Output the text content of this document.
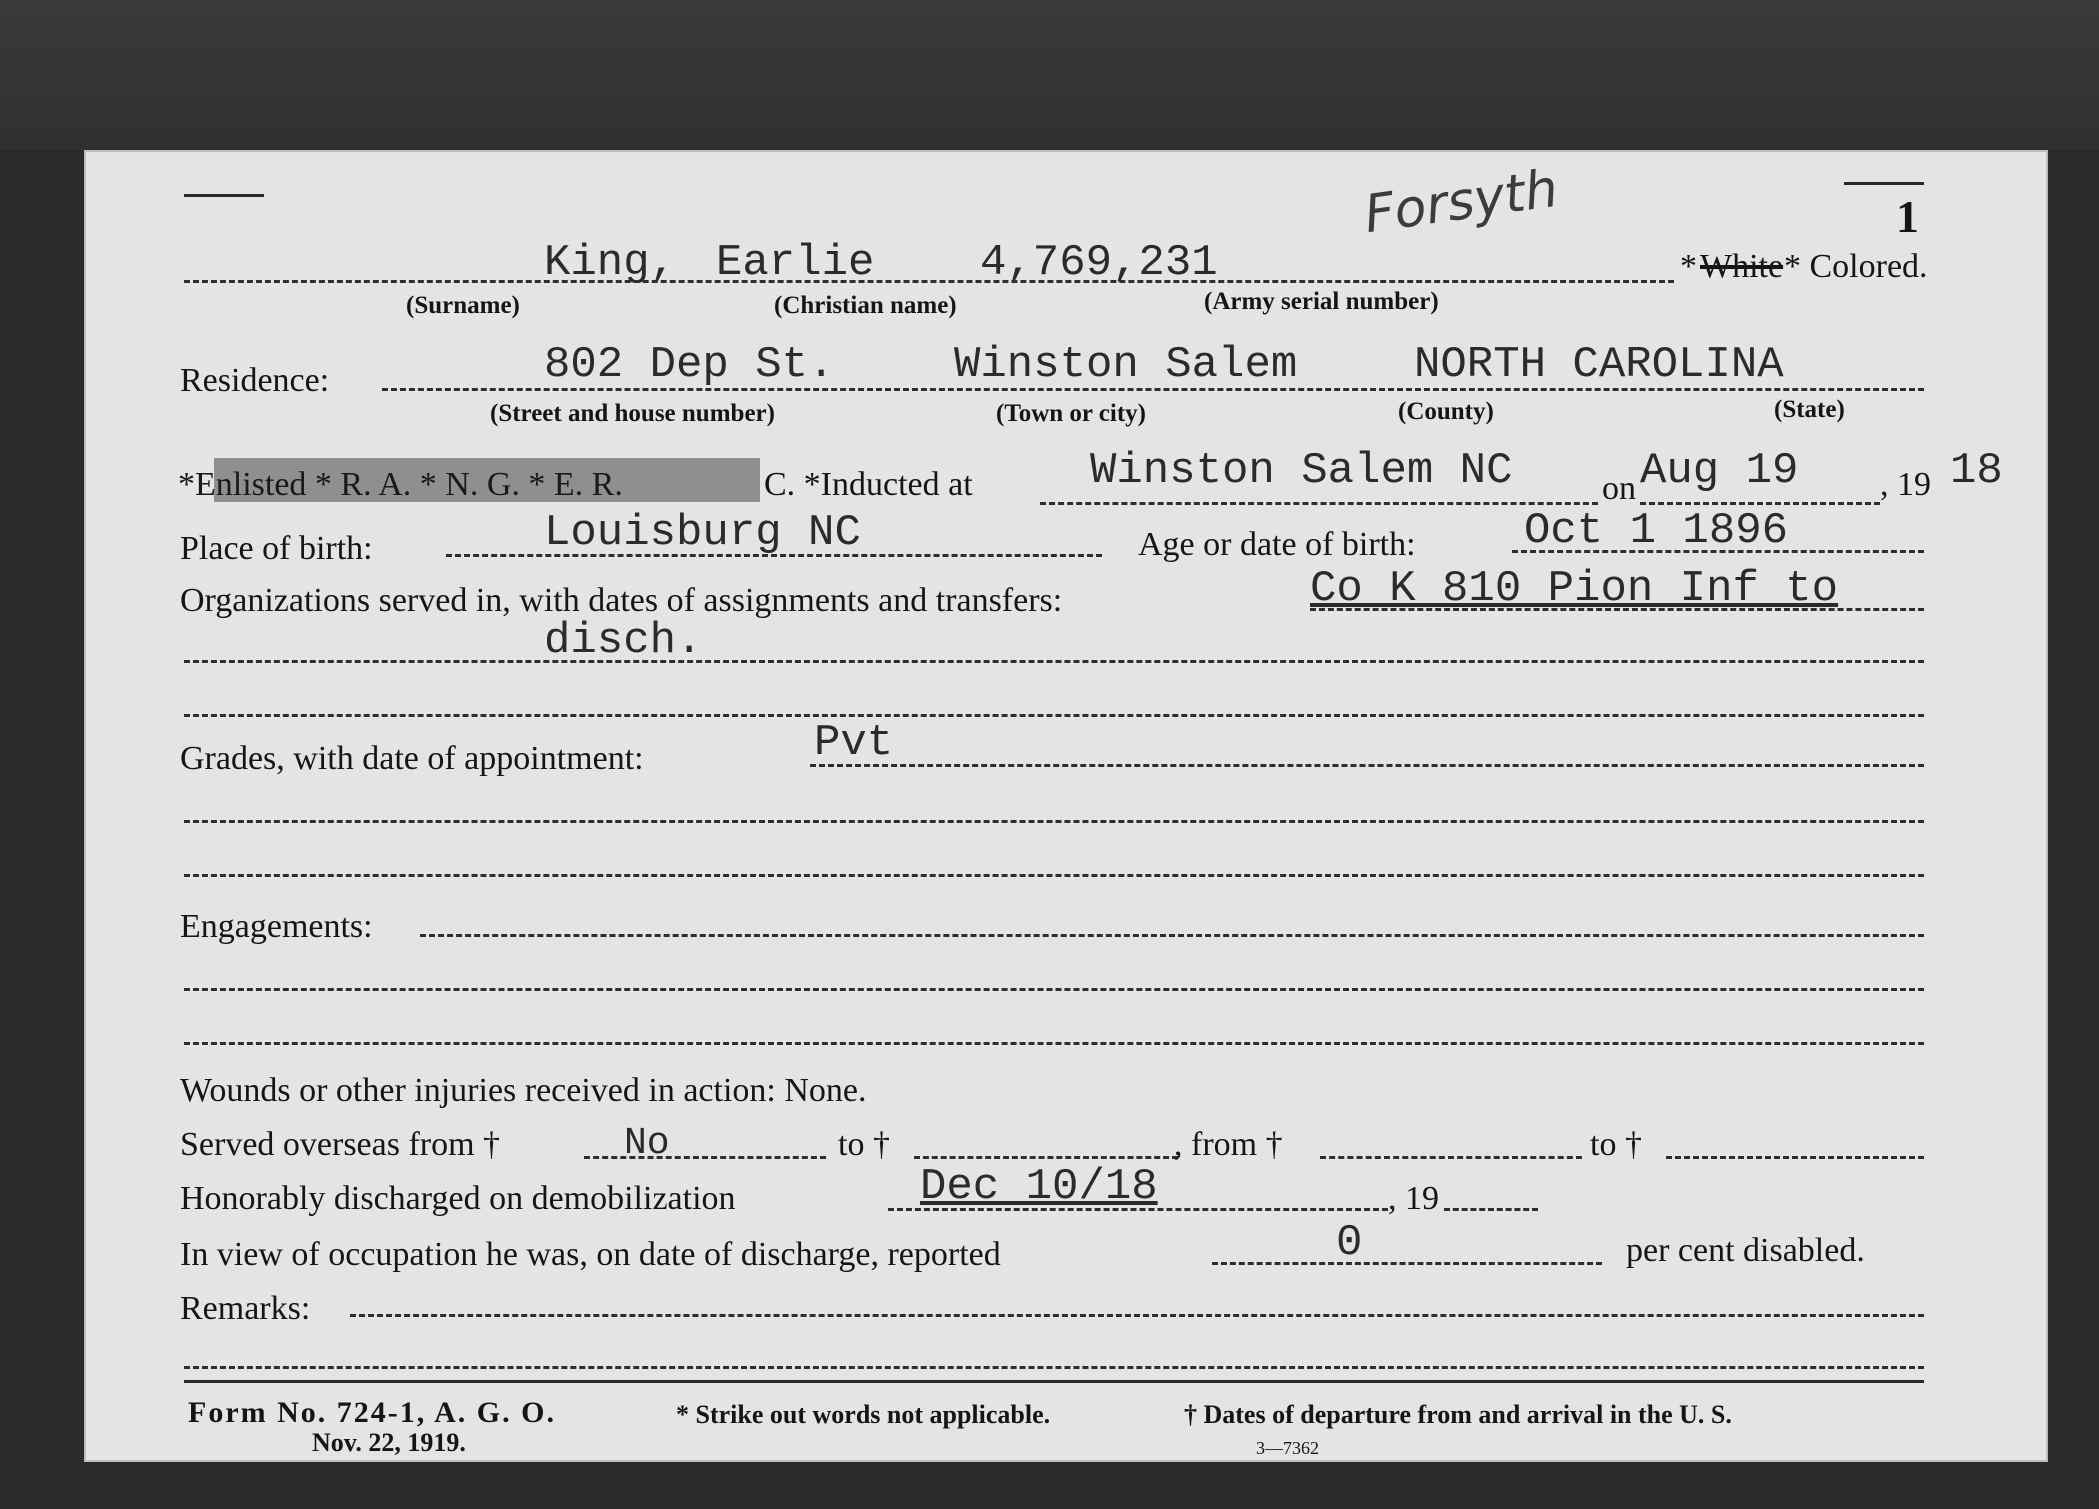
1
Forsyth
King, Earlie 4,769,231	* White * Colored.
(Surname)	(Christian name)	(Army serial number)
Residence:	802 Dep St.	Winston Salem	NORTH CAROLINA
(Street and house number)	(Town or city)	(County)	(State)
*Enlisted * R. A. * N. G. * E. R.	C. *Inducted at	Winston Salem NC	on Aug 19 , 19 18
Place of birth:	Louisburg NC	Age or date of birth: Oct 1 1896
Organizations served in, with dates of assignments and transfers:	Co K 810 Pion Inf to
disch.
Grades, with date of appointment:	Pvt
Engagements:
Wounds or other injuries received in action: None.
Served overseas from †	No	to †	, from †	to †
Honorably discharged on demobilization	Dec 10/18	, 19
In view of occupation he was, on date of discharge, reported	0	per cent disabled.
Remarks:
Form No. 724-1, A. G. O.
Nov. 22, 1919.
* Strike out words not applicable.	† Dates of departure from and arrival in the U. S.
3—7362
